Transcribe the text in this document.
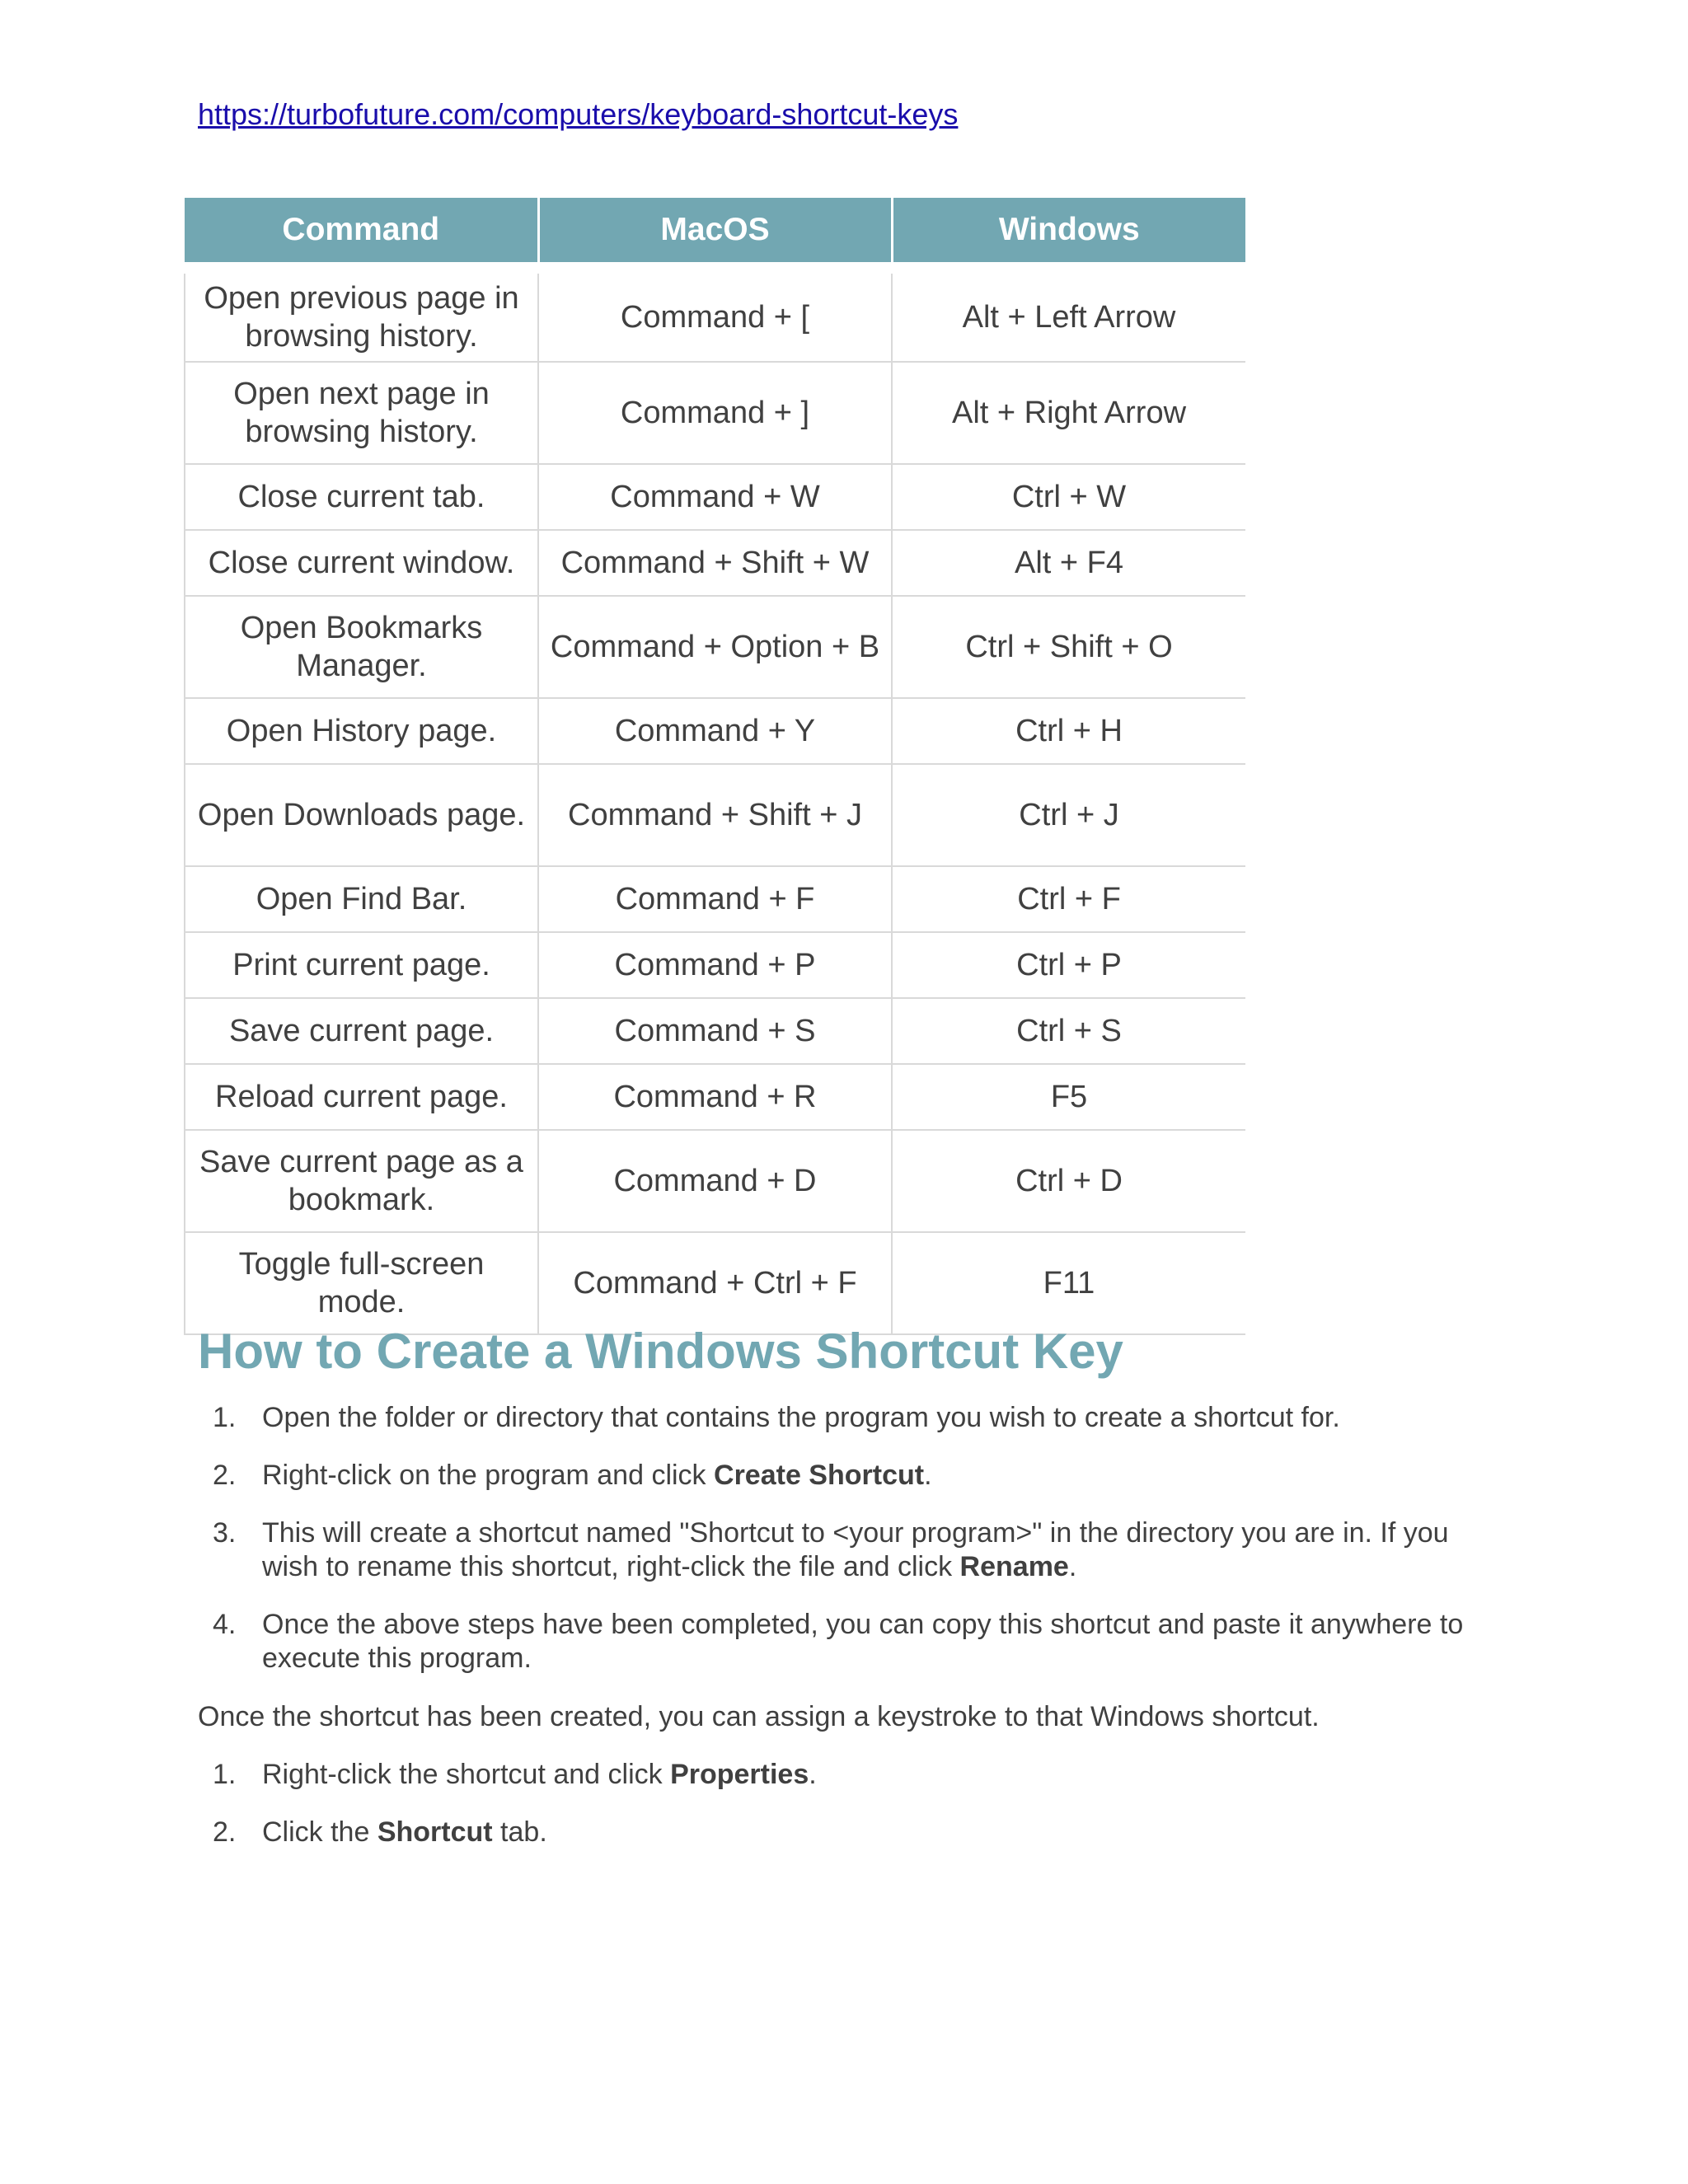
https://turbofuture.com/computers/keyboard-shortcut-keys
Command	MacOS	Windows

Open previous page in browsing history.	Command + [	Alt + Left Arrow
Open next page in browsing history.	Command + ]	Alt + Right Arrow
Close current tab.	Command + W	Ctrl + W
Close current window.	Command + Shift + W	Alt + F4
Open Bookmarks Manager.	Command + Option + B	Ctrl + Shift + O
Open History page.	Command + Y	Ctrl + H
Open Downloads page.	Command + Shift + J	Ctrl + J
Open Find Bar.	Command + F	Ctrl + F
Print current page.	Command + P	Ctrl + P
Save current page.	Command + S	Ctrl + S
Reload current page.	Command + R	F5
Save current page as a bookmark.	Command + D	Ctrl + D
Toggle full-screen mode.	Command + Ctrl + F	F11
How to Create a Windows Shortcut Key
1. Open the folder or directory that contains the program you wish to create a shortcut for.
2. Right-click on the program and click Create Shortcut.
3. This will create a shortcut named "Shortcut to <your program>" in the directory you are in. If you wish to rename this shortcut, right-click the file and click Rename.
4. Once the above steps have been completed, you can copy this shortcut and paste it anywhere to execute this program.

Once the shortcut has been created, you can assign a keystroke to that Windows shortcut.

1. Right-click the shortcut and click Properties.
2. Click the Shortcut tab.
